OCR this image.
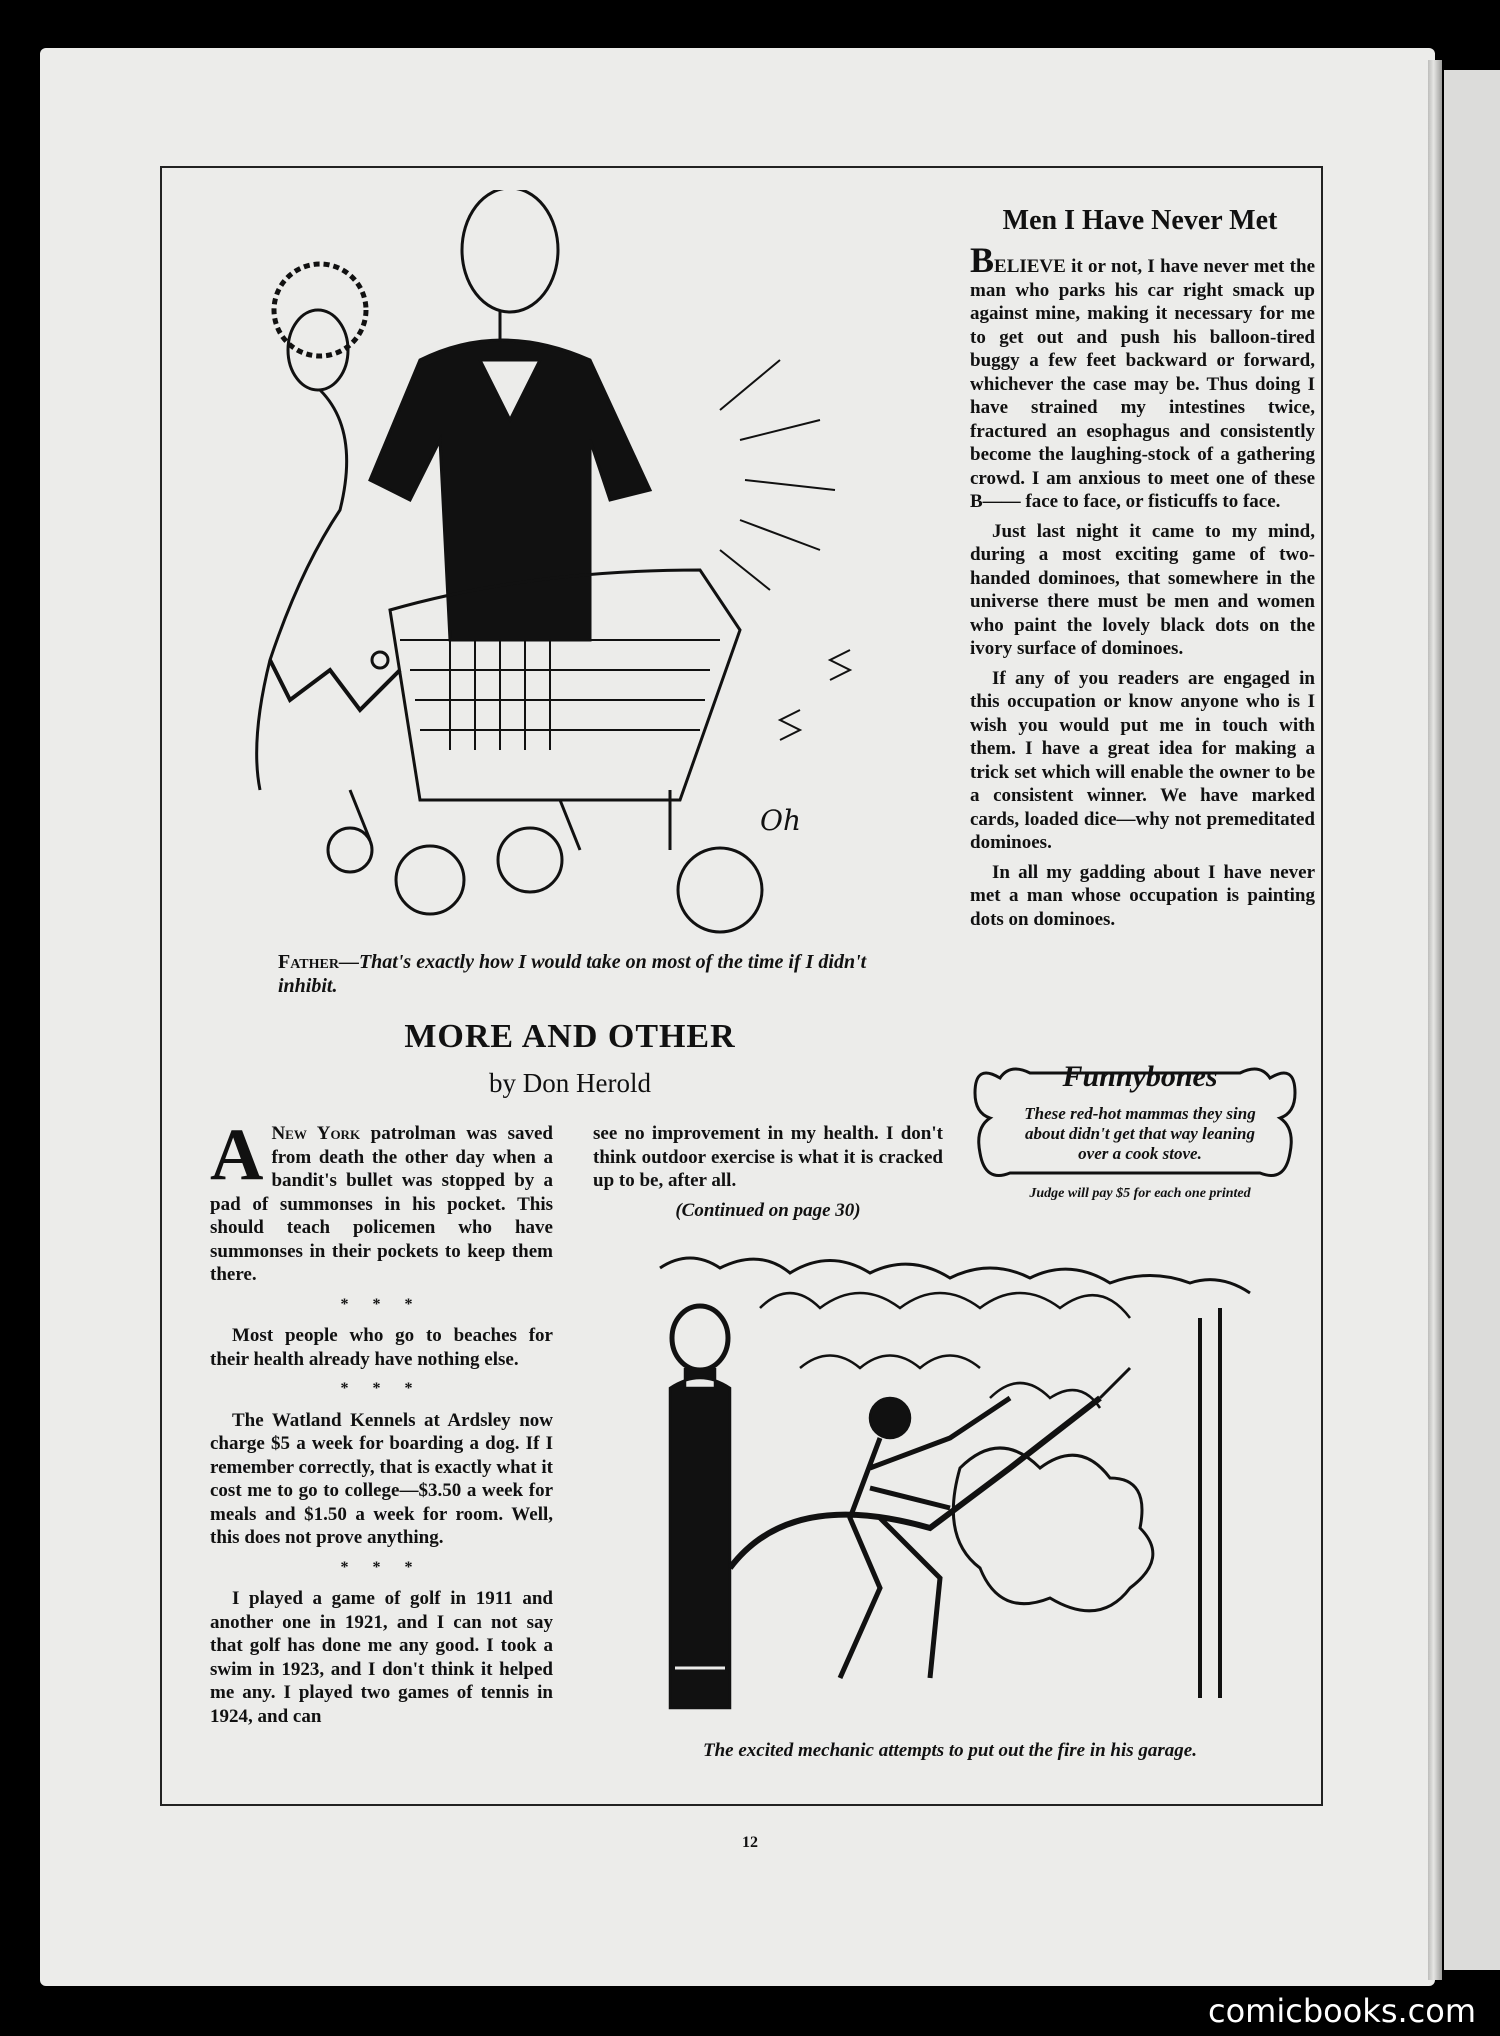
Oh
Father—That's exactly how I would take on most of the time if I didn't inhibit.
Men I Have Never Met

BELIEVE it or not, I have never met the man who parks his car right smack up against mine, making it necessary for me to get out and push his balloon-tired buggy a few feet backward or forward, whichever the case may be. Thus doing I have strained my intestines twice, fractured an esophagus and consistently become the laughing-stock of a gathering crowd. I am anxious to meet one of these B—— face to face, or fisticuffs to face.

Just last night it came to my mind, during a most exciting game of two-handed dominoes, that somewhere in the universe there must be men and women who paint the lovely black dots on the ivory surface of dominoes.

If any of you readers are engaged in this occupation or know anyone who is I wish you would put me in touch with them. I have a great idea for making a trick set which will enable the owner to be a consistent winner. We have marked cards, loaded dice—why not premeditated dominoes.

In all my gadding about I have never met a man whose occupation is painting dots on dominoes.

MORE AND OTHER
by Don Herold

A New York patrolman was saved from death the other day when a bandit's bullet was stopped by a pad of summonses in his pocket. This should teach policemen who have summonses in their pockets to keep them there.

* * *

Most people who go to beaches for their health already have nothing else.

* * *

The Watland Kennels at Ardsley now charge $5 a week for boarding a dog. If I remember correctly, that is exactly what it cost me to go to college—$3.50 a week for meals and $1.50 a week for room. Well, this does not prove anything.

* * *

I played a game of golf in 1911 and another one in 1921, and I can not say that golf has done me any good. I took a swim in 1923, and I don't think it helped me any. I played two games of tennis in 1924, and can

see no improvement in my health. I don't think outdoor exercise is what it is cracked up to be, after all.

(Continued on page 30)
Funnybones
These red-hot mammas they sing about didn't get that way leaning over a cook stove.
Judge will pay $5 for each one printed
The excited mechanic attempts to put out the fire in his garage.
12
comicbooks.com
